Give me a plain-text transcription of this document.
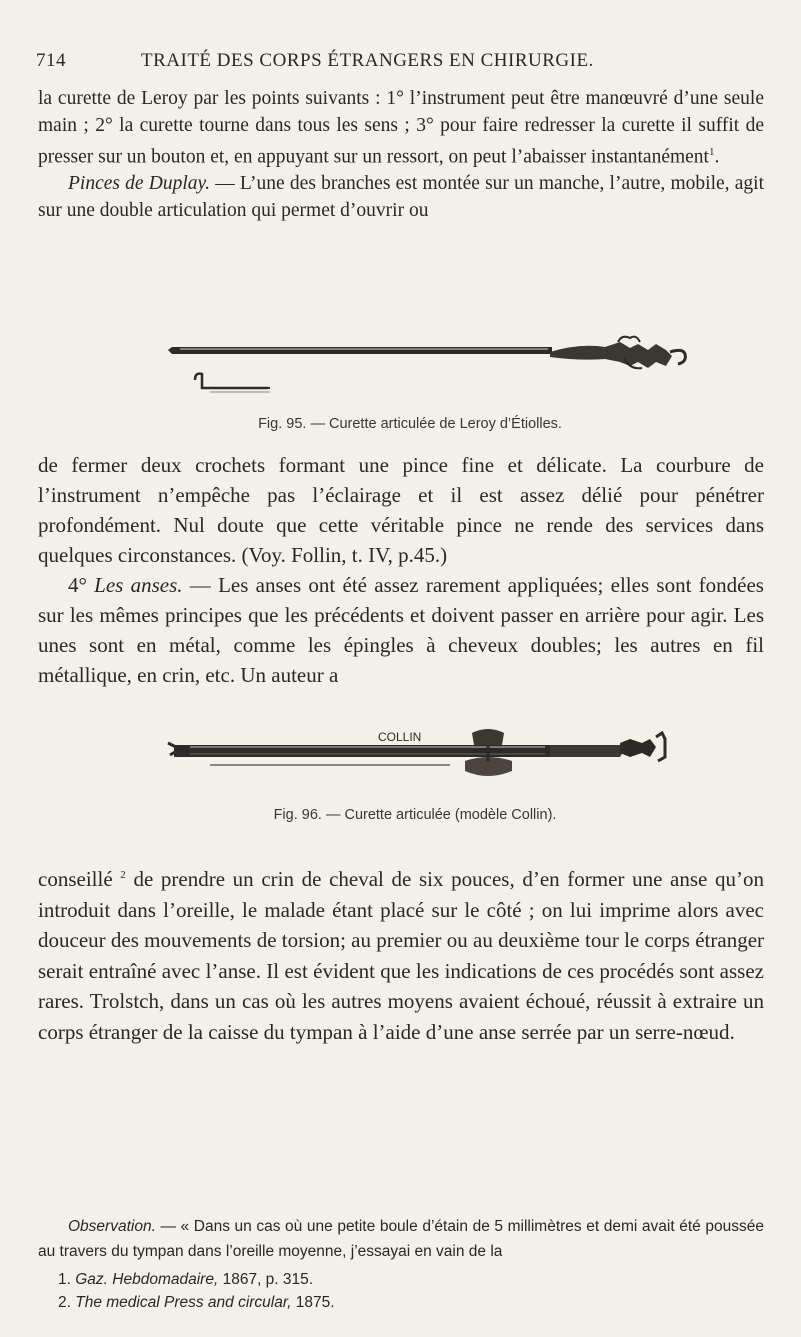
714	TRAITÉ DES CORPS ÉTRANGERS EN CHIRURGIE.

la curette de Leroy par les points suivants : 1° l’instrument peut être manœuvré d’une seule main ; 2° la curette tourne dans tous les sens ; 3° pour faire redresser la curette il suffit de presser sur un bouton et, en appuyant sur un ressort, on peut l’abaisser instantanément$^1$.

Pinces de Duplay. — L’une des branches est montée sur un manche, l’autre, mobile, agit sur une double articulation qui permet d’ouvrir ou

Fig. 95. — Curette articulée de Leroy d’Étiolles.

de fermer deux crochets formant une pince fine et délicate. La courbure de l’instrument n’empêche pas l’éclairage et il est assez délié pour pénétrer profondément. Nul doute que cette véritable pince ne rende des services dans quelques circonstances. (Voy. Follin, t. IV, p.45.)

4° Les anses. — Les anses ont été assez rarement appliquées; elles sont fondées sur les mêmes principes que les précédents et doivent passer en arrière pour agir. Les unes sont en métal, comme les épingles à cheveux doubles; les autres en fil métallique, en crin, etc. Un auteur a

COLLIN
Fig. 96. — Curette articulée (modèle Collin).

conseillé $^2$ de prendre un crin de cheval de six pouces, d’en former une anse qu’on introduit dans l’oreille, le malade étant placé sur le côté ; on lui imprime alors avec douceur des mouvements de torsion; au premier ou au deuxième tour le corps étranger serait entraîné avec l’anse. Il est évident que les indications de ces procédés sont assez rares. Trolstch, dans un cas où les autres moyens avaient échoué, réussit à extraire un corps étranger de la caisse du tympan à l’aide d’une anse serrée par un serre-nœud.

Observation. — « Dans un cas où une petite boule d’étain de 5 millimètres et demi avait été poussée au travers du tympan dans l’oreille moyenne, j’essayai en vain de la

1. Gaz. Hebdomadaire, 1867, p. 315.
2. The medical Press and circular, 1875.
